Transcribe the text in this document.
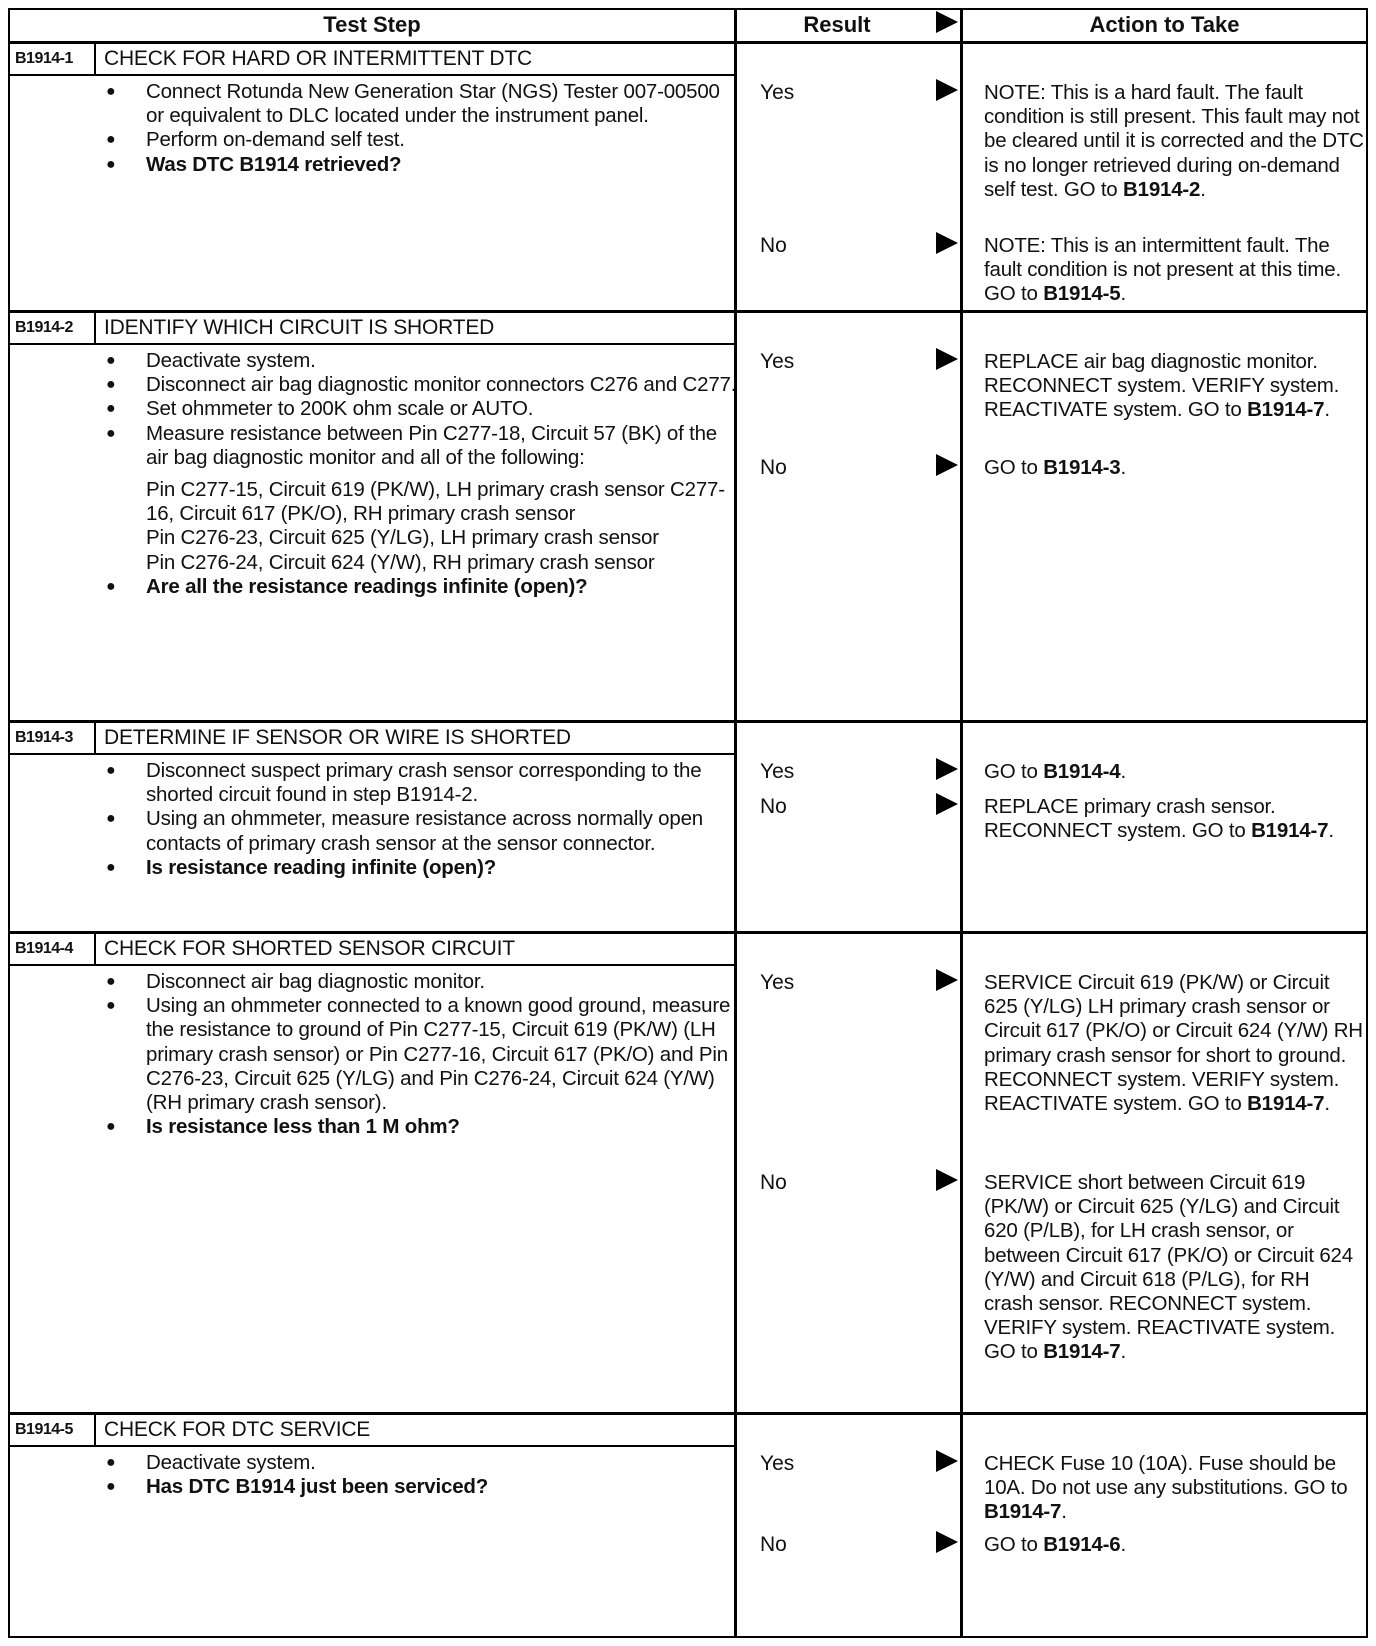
Test Step	Result	Action to Take
B1914-1	CHECK FOR HARD OR INTERMITTENT DTC
● Connect Rotunda New Generation Star (NGS) Tester 007-00500 or equivalent to DLC located under the instrument panel.
● Perform on-demand self test.
● Was DTC B1914 retrieved?
Yes	NOTE: This is a hard fault. The fault condition is still present. This fault may not be cleared until it is corrected and the DTC is no longer retrieved during on-demand self test. GO to B1914-2.
No	NOTE: This is an intermittent fault. The fault condition is not present at this time. GO to B1914-5.
B1914-2	IDENTIFY WHICH CIRCUIT IS SHORTED
● Deactivate system.
● Disconnect air bag diagnostic monitor connectors C276 and C277.
● Set ohmmeter to 200K ohm scale or AUTO.
● Measure resistance between Pin C277-18, Circuit 57 (BK) of the air bag diagnostic monitor and all of the following:
Pin C277-15, Circuit 619 (PK/W), LH primary crash sensor C277-16, Circuit 617 (PK/O), RH primary crash sensor
Pin C276-23, Circuit 625 (Y/LG), LH primary crash sensor
Pin C276-24, Circuit 624 (Y/W), RH primary crash sensor
● Are all the resistance readings infinite (open)?
Yes	REPLACE air bag diagnostic monitor. RECONNECT system. VERIFY system. REACTIVATE system. GO to B1914-7.
No	GO to B1914-3.
B1914-3	DETERMINE IF SENSOR OR WIRE IS SHORTED
● Disconnect suspect primary crash sensor corresponding to the shorted circuit found in step B1914-2.
● Using an ohmmeter, measure resistance across normally open contacts of primary crash sensor at the sensor connector.
● Is resistance reading infinite (open)?
Yes	GO to B1914-4.
No	REPLACE primary crash sensor. RECONNECT system. GO to B1914-7.
B1914-4	CHECK FOR SHORTED SENSOR CIRCUIT
● Disconnect air bag diagnostic monitor.
● Using an ohmmeter connected to a known good ground, measure the resistance to ground of Pin C277-15, Circuit 619 (PK/W) (LH primary crash sensor) or Pin C277-16, Circuit 617 (PK/O) and Pin C276-23, Circuit 625 (Y/LG) and Pin C276-24, Circuit 624 (Y/W) (RH primary crash sensor).
● Is resistance less than 1 M ohm?
Yes	SERVICE Circuit 619 (PK/W) or Circuit 625 (Y/LG) LH primary crash sensor or Circuit 617 (PK/O) or Circuit 624 (Y/W) RH primary crash sensor for short to ground. RECONNECT system. VERIFY system. REACTIVATE system. GO to B1914-7.
No	SERVICE short between Circuit 619 (PK/W) or Circuit 625 (Y/LG) and Circuit 620 (P/LB), for LH crash sensor, or between Circuit 617 (PK/O) or Circuit 624 (Y/W) and Circuit 618 (P/LG), for RH crash sensor. RECONNECT system. VERIFY system. REACTIVATE system. GO to B1914-7.
B1914-5	CHECK FOR DTC SERVICE
● Deactivate system.
● Has DTC B1914 just been serviced?
Yes	CHECK Fuse 10 (10A). Fuse should be 10A. Do not use any substitutions. GO to B1914-7.
No	GO to B1914-6.
